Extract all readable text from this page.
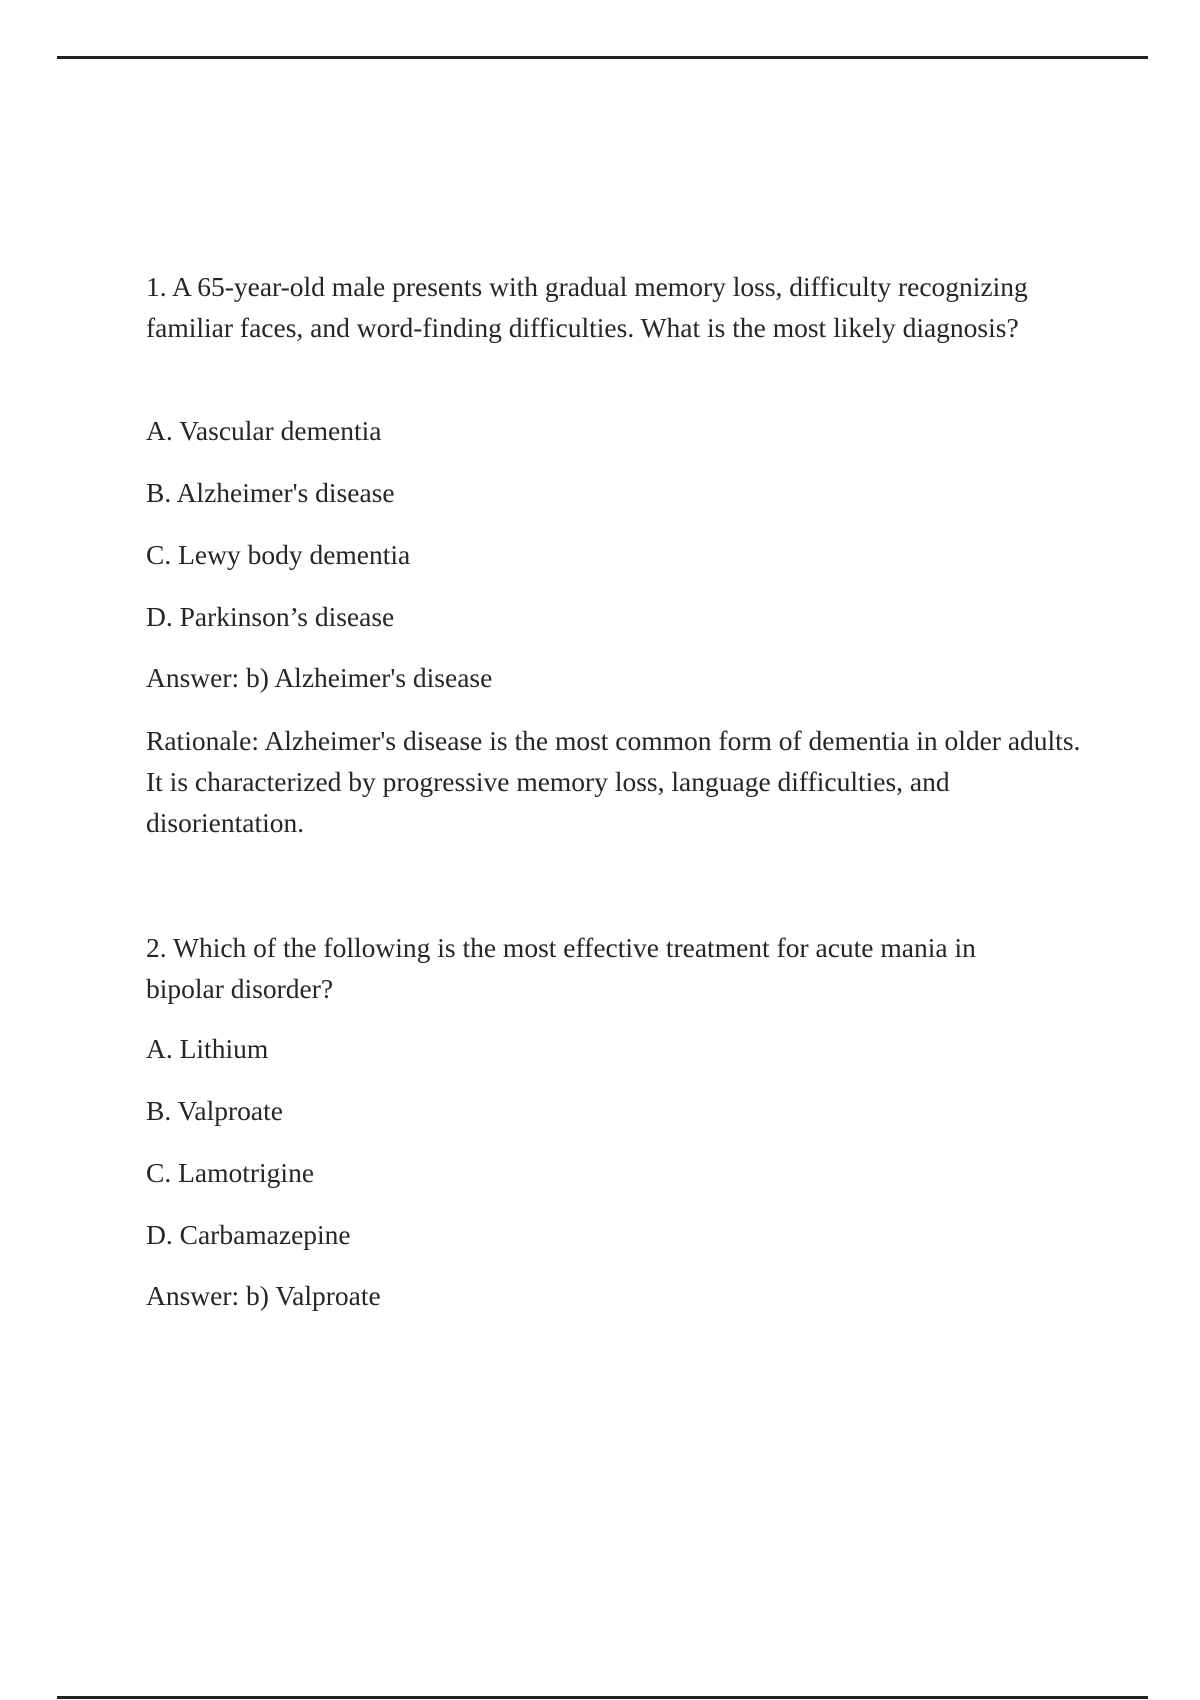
1. A 65-year-old male presents with gradual memory loss, difficulty recognizing familiar faces, and word-finding difficulties. What is the most likely diagnosis?

A. Vascular dementia

B. Alzheimer's disease

C. Lewy body dementia

D. Parkinson’s disease

Answer: b) Alzheimer's disease

Rationale: Alzheimer's disease is the most common form of dementia in older adults. It is characterized by progressive memory loss, language difficulties, and disorientation.

2. Which of the following is the most effective treatment for acute mania in bipolar disorder?

A. Lithium

B. Valproate

C. Lamotrigine

D. Carbamazepine

Answer: b) Valproate
